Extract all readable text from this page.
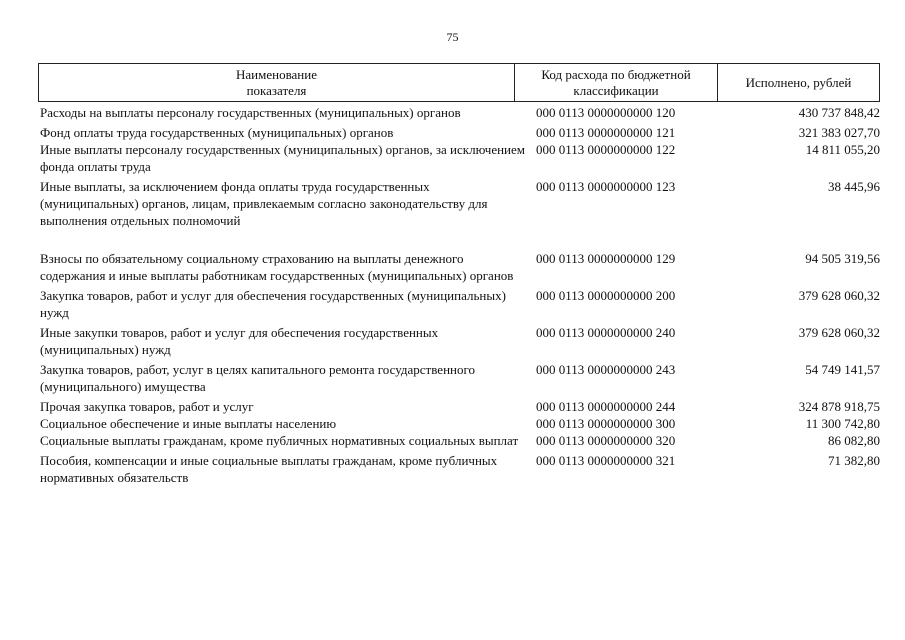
75
Наименование
показателя
Код расхода по бюджетной
классификации
Исполнено, рублей
Расходы на выплаты персоналу государственных (муниципальных) органов	000 0113 0000000000 120	430 737 848,42
Фонд оплаты труда государственных (муниципальных) органов	000 0113 0000000000 121	321 383 027,70
Иные выплаты персоналу государственных (муниципальных) органов, за исключением фонда оплаты труда
000 0113 0000000000 122	14 811 055,20
Иные выплаты, за исключением фонда оплаты труда государственных (муниципальных) органов, лицам, привлекаемым согласно законодательству для выполнения отдельных полномочий
000 0113 0000000000 123	38 445,96
Взносы по обязательному социальному страхованию на выплаты денежного содержания и иные выплаты работникам государственных (муниципальных) органов
000 0113 0000000000 129	94 505 319,56
Закупка товаров, работ и услуг для обеспечения государственных (муниципальных) нужд
000 0113 0000000000 200	379 628 060,32
Иные закупки товаров, работ и услуг для обеспечения государственных (муниципальных) нужд
000 0113 0000000000 240	379 628 060,32
Закупка товаров, работ, услуг в целях капитального ремонта государственного (муниципального) имущества
000 0113 0000000000 243	54 749 141,57
Прочая закупка товаров, работ и услуг	000 0113 0000000000 244	324 878 918,75
Социальное обеспечение и иные выплаты населению	000 0113 0000000000 300	11 300 742,80
Социальные выплаты гражданам, кроме публичных нормативных социальных выплат	000 0113 0000000000 320	86 082,80
Пособия, компенсации и иные социальные выплаты гражданам, кроме публичных нормативных обязательств
000 0113 0000000000 321	71 382,80
